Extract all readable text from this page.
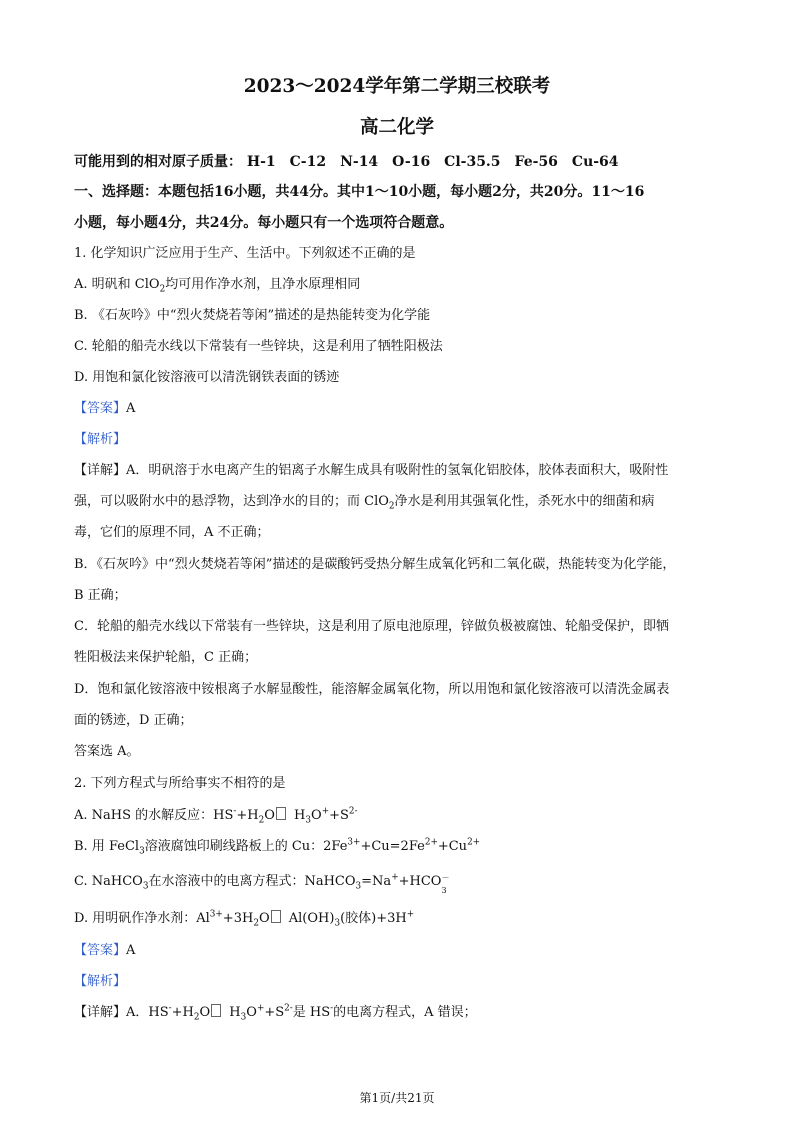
2023～2024学年第二学期三校联考
高二化学
可能用到的相对原子质量： H-1　C-12　N-14　O-16　Cl-35.5　Fe-56　Cu-64
一、选择题：本题包括16小题，共44分。其中1～10小题，每小题2分，共20分。11～16
小题，每小题4分，共24分。每小题只有一个选项符合题意。
1. 化学知识广泛应用于生产、生活中。下列叙述不正确的是
A. 明矾和 ClO$_2$均可用作净水剂，且净水原理相同
B. 《石灰吟》中“烈火焚烧若等闲”描述的是热能转变为化学能
C. 轮船的船壳水线以下常装有一些锌块，这是利用了牺牲阳极法
D. 用饱和氯化铵溶液可以清洗钢铁表面的锈迹
【答案】A
【解析】
【详解】A．明矾溶于水电离产生的铝离子水解生成具有吸附性的氢氧化铝胶体，胶体表面积大，吸附性
强，可以吸附水中的悬浮物，达到净水的目的；而 ClO$_2$净水是利用其强氧化性，杀死水中的细菌和病
毒，它们的原理不同，A 不正确；
B．《石灰吟》中“烈火焚烧若等闲”描述的是碳酸钙受热分解生成氧化钙和二氧化碳，热能转变为化学能，
B 正确；
C．轮船的船壳水线以下常装有一些锌块，这是利用了原电池原理，锌做负极被腐蚀、轮船受保护，即牺
牲阳极法来保护轮船，C 正确；
D．饱和氯化铵溶液中铵根离子水解显酸性，能溶解金属氧化物，所以用饱和氯化铵溶液可以清洗金属表
面的锈迹，D 正确；
答案选 A。
2. 下列方程式与所给事实不相符的是
A. NaHS 的水解反应：$HS^-+H_2O$ $H_3O^++S^{2-}$
B. 用 FeCl$_3$溶液腐蚀印刷线路板上的 Cu：$2Fe^{3+}+Cu=2Fe^{2+}+Cu^{2+}$
C. NaHCO$_3$在水溶液中的电离方程式：NaHCO$_3$=Na++HCO －
3
D. 用明矾作净水剂：$Al^{3+}+3H_2O$ $Al(OH)_3$(胶体)+3H+
【答案】A
【解析】
【详解】A．$HS^-+H_2O$ $H_3O^++S^{2-}$是 HS-的电离方程式，A 错误；
第1页/共21页
